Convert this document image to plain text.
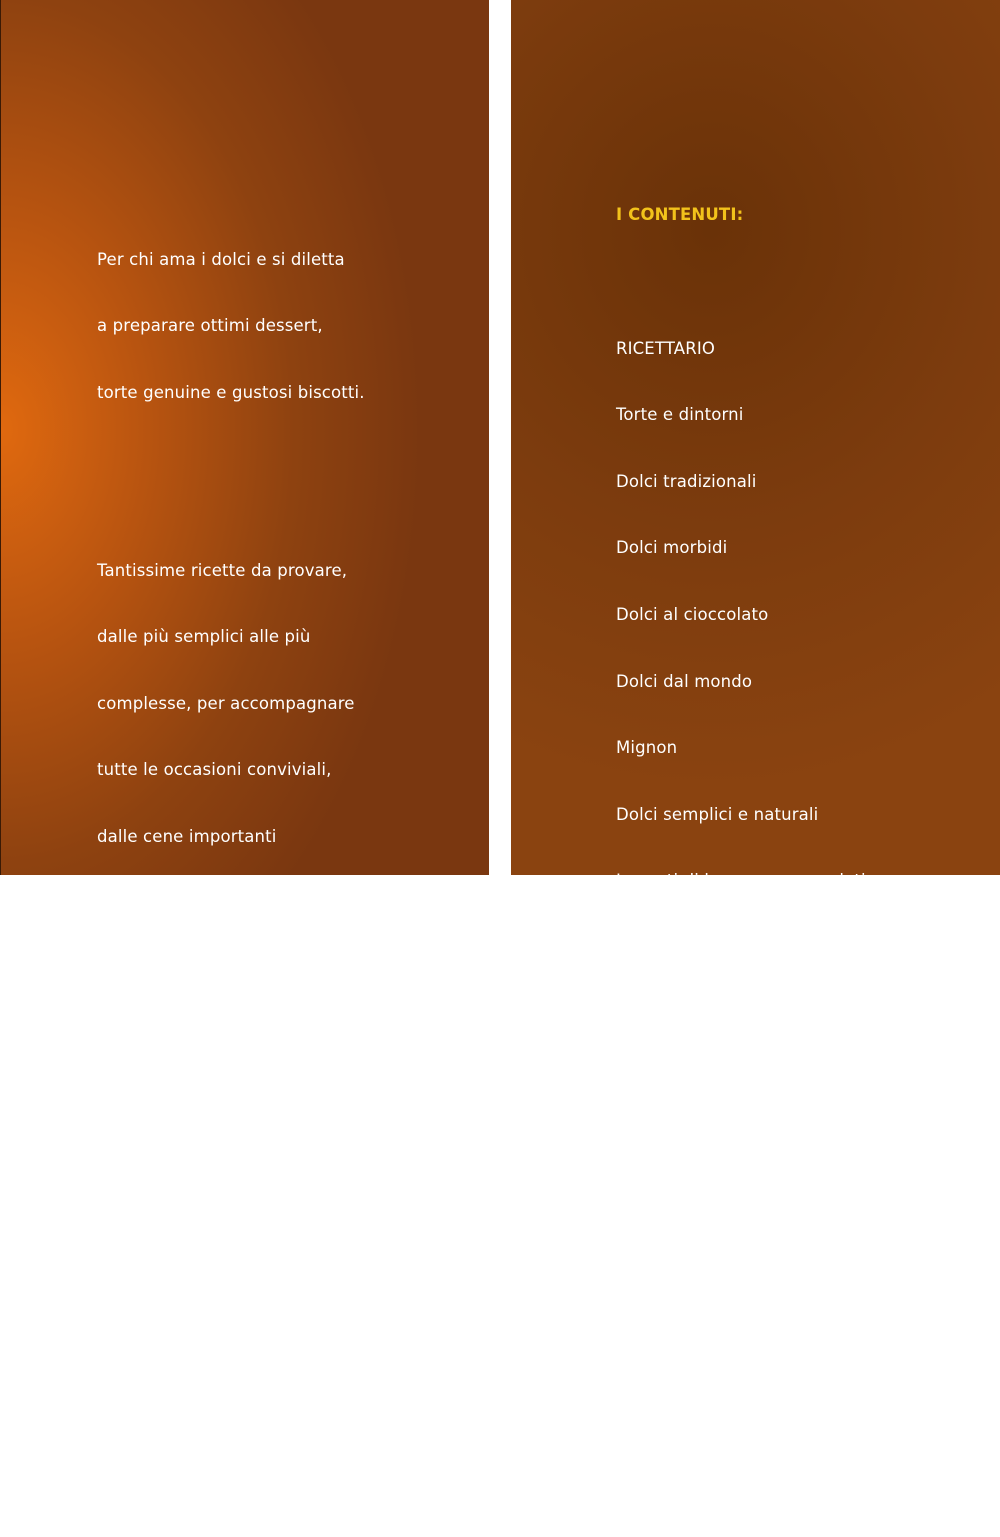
Per chi ama i dolci e si diletta

a preparare ottimi dessert,

torte genuine e gustosi biscotti.

Tantissime ricette da provare,

dalle più semplici alle più

complesse, per accompagnare

tutte le occasioni conviviali,

dalle cene importanti

ai tradizionali pranzi in famiglia,

dal brunch alla merenda

per i bambini o per mettere

in tavola colazioni sane e genuine

e cominciare bene la giornata.

Un “comfort book”

per volersi bene.

I CONTENUTI:

RICETTARIO

Torte e dintorni

Dolci tradizionali

Dolci morbidi

Dolci al cioccolato

Dolci dal mondo

Mignon

Dolci semplici e naturali

Impasti di base, creme, gelati

Indice degli ingredienti
